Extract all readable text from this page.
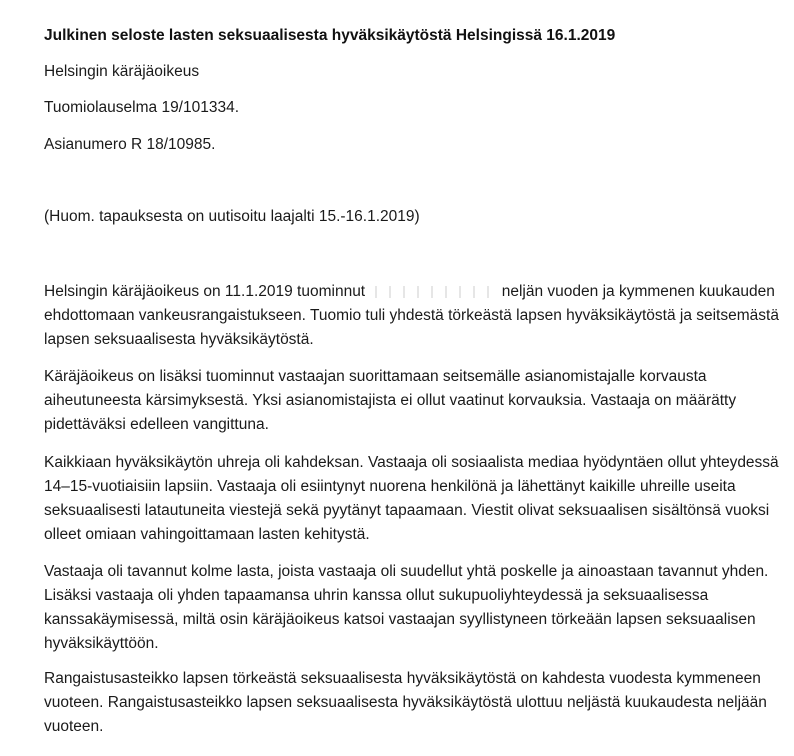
Julkinen seloste lasten seksuaalisesta hyväksikäytöstä Helsingissä 16.1.2019

Helsingin käräjäoikeus

Tuomiolauselma 19/101334.

Asianumero R 18/10985.

(Huom. tapauksesta on uutisoitu laajalti 15.-16.1.2019)

Helsingin käräjäoikeus on 11.1.2019 tuominnut	neljän vuoden ja kymmenen kuukauden ehdottomaan vankeusrangaistukseen. Tuomio tuli yhdestä törkeästä lapsen hyväksikäytöstä ja seitsemästä lapsen seksuaalisesta hyväksikäytöstä.

Käräjäoikeus on lisäksi tuominnut vastaajan suorittamaan seitsemälle asianomistajalle korvausta aiheutuneesta kärsimyksestä. Yksi asianomistajista ei ollut vaatinut korvauksia. Vastaaja on määrätty pidettäväksi edelleen vangittuna.

Kaikkiaan hyväksikäytön uhreja oli kahdeksan. Vastaaja oli sosiaalista mediaa hyödyntäen ollut yhteydessä 14–15-vuotiaisiin lapsiin. Vastaaja oli esiintynyt nuorena henkilönä ja lähettänyt kaikille uhreille useita seksuaalisesti latautuneita viestejä sekä pyytänyt tapaamaan. Viestit olivat seksuaalisen sisältönsä vuoksi olleet omiaan vahingoittamaan lasten kehitystä.

Vastaaja oli tavannut kolme lasta, joista vastaaja oli suudellut yhtä poskelle ja ainoastaan tavannut yhden. Lisäksi vastaaja oli yhden tapaamansa uhrin kanssa ollut sukupuoliyhteydessä ja seksuaalisessa kanssakäymisessä, miltä osin käräjäoikeus katsoi vastaajan syyllistyneen törkeään lapsen seksuaalisen hyväksikäyttöön.

Rangaistusasteikko lapsen törkeästä seksuaalisesta hyväksikäytöstä on kahdesta vuodesta kymmeneen vuoteen. Rangaistusasteikko lapsen seksuaalisesta hyväksikäytöstä ulottuu neljästä kuukaudesta neljään vuoteen.
